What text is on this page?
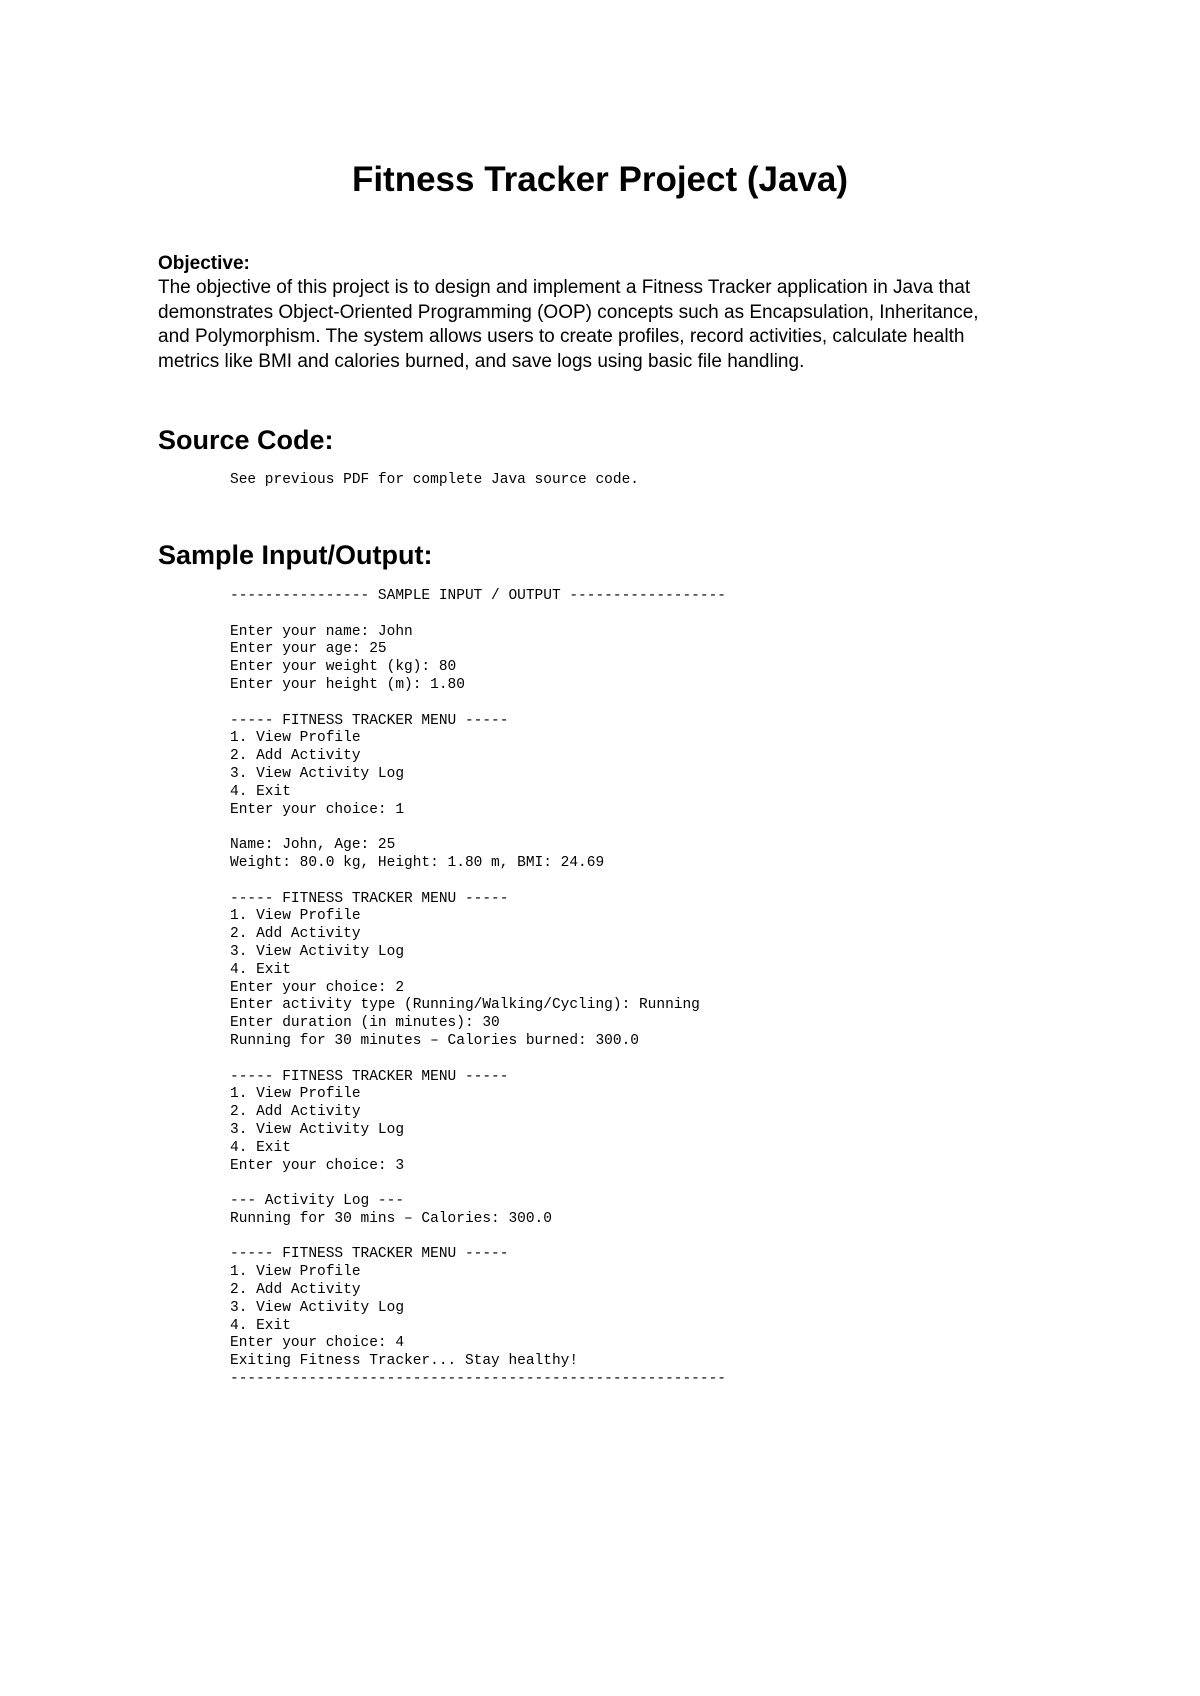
Fitness Tracker Project (Java)
Objective:
The objective of this project is to design and implement a Fitness Tracker application in Java that
demonstrates Object-Oriented Programming (OOP) concepts such as Encapsulation, Inheritance,
and Polymorphism. The system allows users to create profiles, record activities, calculate health
metrics like BMI and calories burned, and save logs using basic file handling.
Source Code:
See previous PDF for complete Java source code.
Sample Input/Output:
---------------- SAMPLE INPUT / OUTPUT ------------------
Enter your name: John
Enter your age: 25
Enter your weight (kg): 80
Enter your height (m): 1.80
----- FITNESS TRACKER MENU -----
1. View Profile
2. Add Activity
3. View Activity Log
4. Exit
Enter your choice: 1
Name: John, Age: 25
Weight: 80.0 kg, Height: 1.80 m, BMI: 24.69
----- FITNESS TRACKER MENU -----
1. View Profile
2. Add Activity
3. View Activity Log
4. Exit
Enter your choice: 2
Enter activity type (Running/Walking/Cycling): Running
Enter duration (in minutes): 30
Running for 30 minutes – Calories burned: 300.0
----- FITNESS TRACKER MENU -----
1. View Profile
2. Add Activity
3. View Activity Log
4. Exit
Enter your choice: 3
--- Activity Log ---
Running for 30 mins – Calories: 300.0
----- FITNESS TRACKER MENU -----
1. View Profile
2. Add Activity
3. View Activity Log
4. Exit
Enter your choice: 4
Exiting Fitness Tracker... Stay healthy!
---------------------------------------------------------
